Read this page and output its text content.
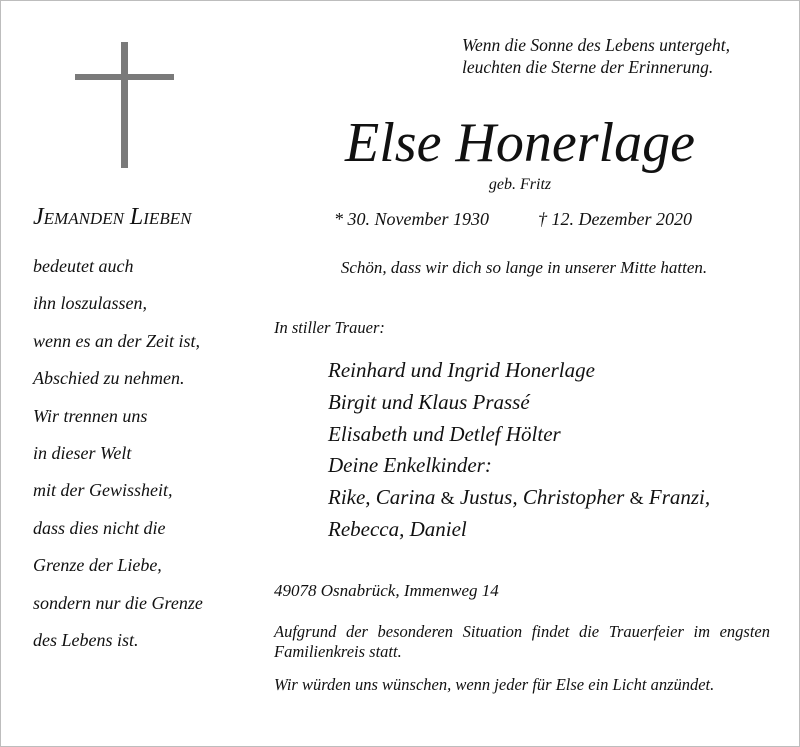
Wenn die Sonne des Lebens untergeht,
leuchten die Sterne der Erinnerung.
Else Honerlage
geb. Fritz
* 30. November 1930	† 12. Dezember 2020
Jemanden Lieben
bedeutet auch
ihn loszulassen,
wenn es an der Zeit ist,
Abschied zu nehmen.
Wir trennen uns
in dieser Welt
mit der Gewissheit,
dass dies nicht die
Grenze der Liebe,
sondern nur die Grenze
des Lebens ist.
Schön, dass wir dich so lange in unserer Mitte hatten.
In stiller Trauer:
Reinhard und Ingrid Honerlage
Birgit und Klaus Prassé
Elisabeth und Detlef Hölter
Deine Enkelkinder:
Rike, Carina & Justus, Christopher & Franzi,
Rebecca, Daniel
49078 Osnabrück, Immenweg 14
Aufgrund der besonderen Situation findet die Trauerfeier im engsten Familienkreis statt.
Wir würden uns wünschen, wenn jeder für Else ein Licht anzündet.
